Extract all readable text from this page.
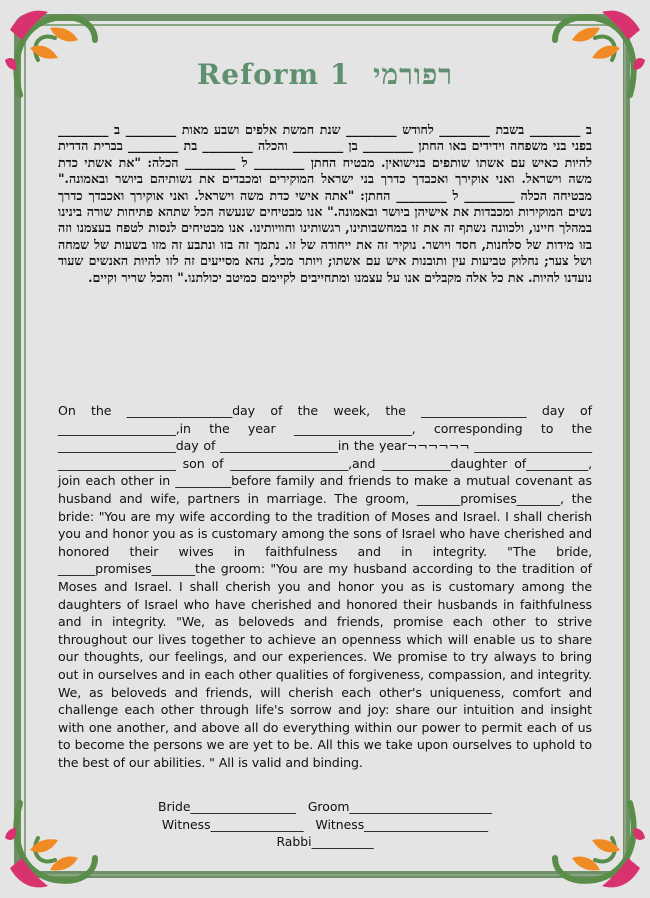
Reform 1 רפורמי

ב ________ בשבת ________ לחודש ________ שנת חמשת אלפים ושבע מאות ________ ב ________ בפני בני משפחה וידידים באו החתן ________ בן ________ והכלה ________ בת ________ בברית הדדית להיות כאיש עם אשתו שותפים בנישואין. מבטיח החתן ________ ל ________ הכלה: "את אשתי כדת משה וישראל. ואני אוקירך ואכבדך כדרך בני ישראל המוקירים ומכבדים את נשותיהם ביושר ובאמונה." מבטיחה הכלה ________ ל ________ החתן: "אתה אישי כדת משה וישראל. ואני אוקירך ואכבדך כדרך נשים המוקירות ומכבדות את אישיהן ביושר ובאמונה." אנו מבטיחים שנעשה הכל שתהא פתיחות שורה בינינו במהלך חיינו, ולכוונה נשתף זה את זו במחשבותינו, רגשותינו וחוויותינו. אנו מבטיחים לנסות לטפח בעצמנו וזה בזו מידות של סלחנות, חסד ויושר. נוקיר זה את ייחודה של זו. נתמך זה בזו ונתבע זה מזו בשעות של שמחה ושל צער; נחלוק טביעות עין ותובנות איש עם אשתו; ויותר מכל, נהא מסייעים זה לזו להיות האנשים שעוד נועדנו להיות. את כל אלה מקבלים אנו על עצמנו ומתחייבים לקיימם כמיטב יכולתנו." והכל שריר וקיים.

On the _________________day of the week, the _________________ day of ___________________,in the year ___________________, corresponding to the ___________________day of ___________________in the year¬¬¬¬¬¬ ___________________ ___________________ son of ___________________,and ___________daughter of__________, join each other in _________before family and friends to make a mutual covenant as husband and wife, partners in marriage. The groom, _______promises_______, the bride: "You are my wife according to the tradition of Moses and Israel. I shall cherish you and honor you as is customary among the sons of Israel who have cherished and honored their wives in faithfulness and in integrity. "The bride, ______promises_______the groom: "You are my husband according to the tradition of Moses and Israel. I shall cherish you and honor you as is customary among the daughters of Israel who have cherished and honored their husbands in faithfulness and in integrity. "We, as beloveds and friends, promise each other to strive throughout our lives together to achieve an openness which will enable us to share our thoughts, our feelings, and our experiences. We promise to try always to bring out in ourselves and in each other qualities of forgiveness, compassion, and integrity. We, as beloveds and friends, will cherish each other's uniqueness, comfort and challenge each other through life's sorrow and joy: share our intuition and insight with one another, and above all do everything within our power to permit each of us to become the persons we are yet to be. All this we take upon ourselves to uphold to the best of our abilities. " All is valid and binding.

Bride_________________ Groom_______________________
Witness_______________ Witness____________________
Rabbi__________
